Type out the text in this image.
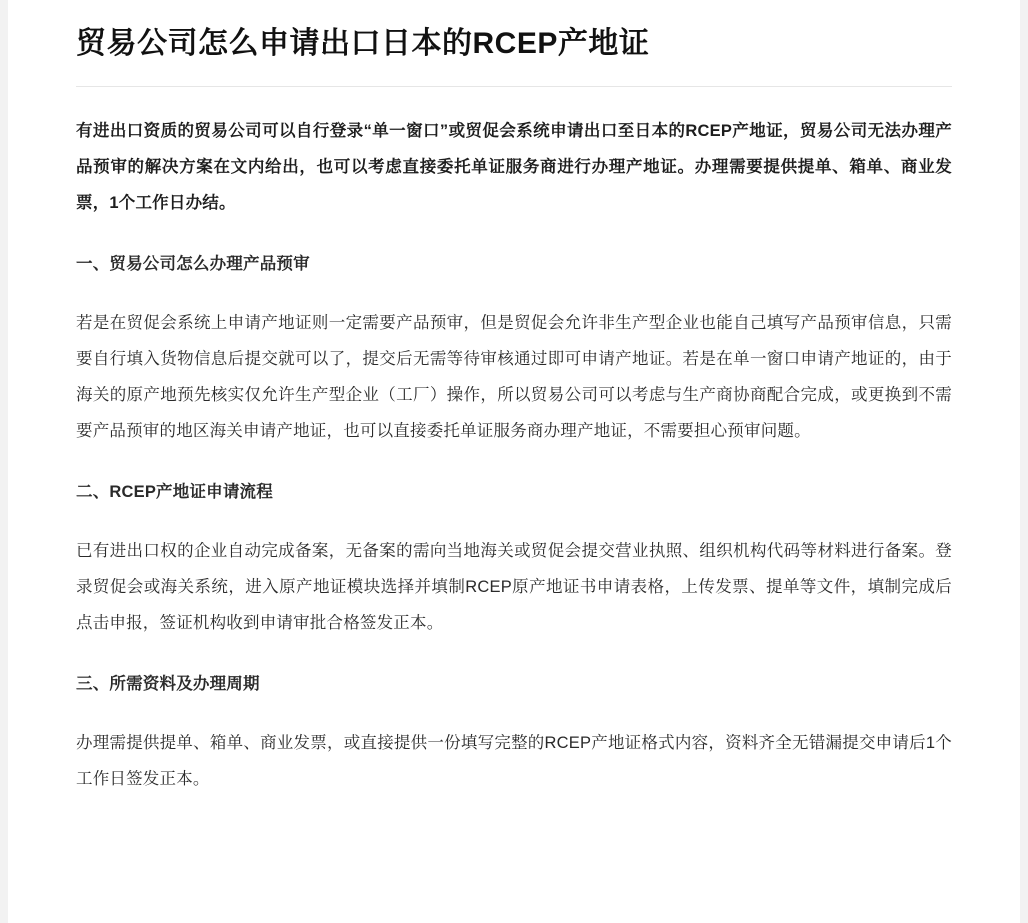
贸易公司怎么申请出口日本的RCEP产地证

有进出口资质的贸易公司可以自行登录“单一窗口”或贸促会系统申请出口至日本的RCEP产地证，贸易公司无法办理产品预审的解决方案在文内给出，也可以考虑直接委托单证服务商进行办理产地证。办理需要提供提单、箱单、商业发票，1个工作日办结。

一、贸易公司怎么办理产品预审

若是在贸促会系统上申请产地证则一定需要产品预审，但是贸促会允许非生产型企业也能自己填写产品预审信息，只需要自行填入货物信息后提交就可以了，提交后无需等待审核通过即可申请产地证。若是在单一窗口申请产地证的，由于海关的原产地预先核实仅允许生产型企业（工厂）操作，所以贸易公司可以考虑与生产商协商配合完成，或更换到不需要产品预审的地区海关申请产地证，也可以直接委托单证服务商办理产地证，不需要担心预审问题。

二、RCEP产地证申请流程

已有进出口权的企业自动完成备案，无备案的需向当地海关或贸促会提交营业执照、组织机构代码等材料进行备案。登录贸促会或海关系统，进入原产地证模块选择并填制RCEP原产地证书申请表格，上传发票、提单等文件，填制完成后点击申报，签证机构收到申请审批合格签发正本。

三、所需资料及办理周期

办理需提供提单、箱单、商业发票，或直接提供一份填写完整的RCEP产地证格式内容，资料齐全无错漏提交申请后1个工作日签发正本。
